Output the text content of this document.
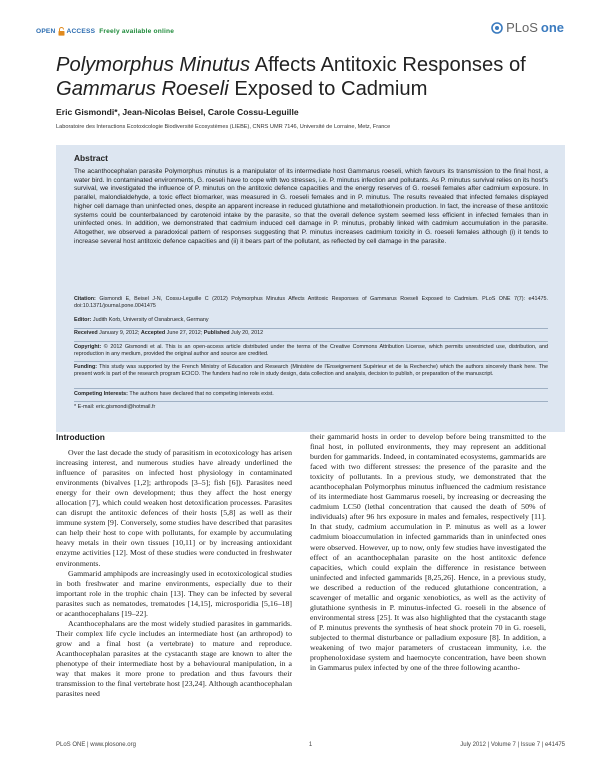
OPEN ACCESS Freely available online	PLoS one
Polymorphus Minutus Affects Antitoxic Responses of
Gammarus Roeseli Exposed to Cadmium
Eric Gismondi*, Jean-Nicolas Beisel, Carole Cossu-Leguille
Laboratoire des Interactions Ecotoxicologie Biodiversité Ecosystèmes (LIEBE), CNRS UMR 7146, Université de Lorraine, Metz, France
Abstract

The acanthocephalan parasite Polymorphus minutus is a manipulator of its intermediate host Gammarus roeseli, which favours its transmission to the final host, a water bird. In contaminated environments, G. roeseli have to cope with two stresses, i.e. P. minutus infection and pollutants. As P. minutus survival relies on its host's survival, we investigated the influence of P. minutus on the antitoxic defence capacities and the energy reserves of G. roeseli females after cadmium exposure. In parallel, malondialdehyde, a toxic effect biomarker, was measured in G. roeseli females and in P. minutus. The results revealed that infected females displayed higher cell damage than uninfected ones, despite an apparent increase in reduced glutathione and metallothionein production. In fact, the increase of these antitoxic systems could be counterbalanced by carotenoid intake by the parasite, so that the overall defence system seemed less efficient in infected females than in uninfected ones. In addition, we demonstrated that cadmium induced cell damage in P. minutus, probably linked with cadmium accumulation in the parasite. Altogether, we observed a paradoxical pattern of responses suggesting that P. minutus increases cadmium toxicity in G. roeseli females although (i) it tends to increase several host antitoxic defence capacities and (ii) it bears part of the pollutant, as reflected by cell damage in the parasite.

Citation: Gismondi E, Beisel J-N, Cossu-Leguille C (2012) Polymorphus Minutus Affects Antitoxic Responses of Gammarus Roeseli Exposed to Cadmium. PLoS ONE 7(7): e41475. doi:10.1371/journal.pone.0041475

Editor: Judith Korb, University of Osnabrueck, Germany

Received January 9, 2012; Accepted June 27, 2012; Published July 20, 2012

Copyright: © 2012 Gismondi et al. This is an open-access article distributed under the terms of the Creative Commons Attribution License, which permits unrestricted use, distribution, and reproduction in any medium, provided the original author and source are credited.

Funding: This study was supported by the French Ministry of Education and Research (Ministère de l'Enseignement Supérieur et de la Recherche) which the authors sincerely thank here. The present work is part of the research program ECICO. The funders had no role in study design, data collection and analysis, decision to publish, or preparation of the manuscript.

Competing Interests: The authors have declared that no competing interests exist.

* E-mail: eric.gismondi@hotmail.fr

Introduction

Over the last decade the study of parasitism in ecotoxicology has arisen increasing interest, and numerous studies have already underlined the influence of parasites on infected host physiology in contaminated environments (bivalves [1,2]; arthropods [3–5]; fish [6]). Parasites need energy for their own development; thus they affect the host energy allocation [7], which could weaken host detoxification processes. Parasites can disrupt the antitoxic defences of their hosts [5,8] as well as their immune system [9]. Conversely, some studies have described that parasites can help their host to cope with pollutants, for example by accumulating heavy metals in their own tissues [10,11] or by increasing antioxidant enzyme activities [12]. Most of these studies were conducted in freshwater environments.

Gammarid amphipods are increasingly used in ecotoxicological studies in both freshwater and marine environments, especially due to their important role in the trophic chain [13]. They can be infected by several parasites such as nematodes, trematodes [14,15], microsporidia [5,16–18] or acanthocephalans [19–22].

Acanthocephalans are the most widely studied parasites in gammarids. Their complex life cycle includes an intermediate host (an arthropod) to grow and a final host (a vertebrate) to mature and reproduce. Acanthocephalan parasites at the cystacanth stage are known to alter the phenotype of their intermediate host by a behavioural manipulation, in a way that makes it more prone to predation and thus favours their transmission to the final vertebrate host [23,24]. Although acanthocephalan parasites need

their gammarid hosts in order to develop before being transmitted to the final host, in polluted environments, they may represent an additional burden for gammarids. Indeed, in contaminated ecosystems, gammarids are faced with two different stresses: the presence of the parasite and the toxicity of pollutants. In a previous study, we demonstrated that the acanthocephalan Polymorphus minutus influenced the cadmium resistance of its intermediate host Gammarus roeseli, by increasing or decreasing the cadmium LC50 (lethal concentration that caused the death of 50% of individuals) after 96 hrs exposure in males and females, respectively [11]. In that study, cadmium accumulation in P. minutus as well as a lower cadmium bioaccumulation in infected gammarids than in uninfected ones were observed. However, up to now, only few studies have investigated the effect of an acanthocephalan parasite on the host antitoxic defence capacities, which could explain the difference in resistance between uninfected and infected gammarids [8,25,26]. Hence, in a previous study, we described a reduction of the reduced glutathione concentration, a scavenger of metallic and organic xenobiotics, as well as the activity of glutathione synthesis in P. minutus-infected G. roeseli in the absence of environmental stress [25]. It was also highlighted that the cystacanth stage of P. minutus prevents the synthesis of heat shock protein 70 in G. roeseli, subjected to thermal disturbance or palladium exposure [8]. In addition, a weakening of two major parameters of crustacean immunity, i.e. the prophenoloxidase system and haemocyte concentration, have been shown in Gammarus pulex infected by one of the three following acantho-

PLoS ONE | www.plosone.org	1	July 2012 | Volume 7 | Issue 7 | e41475
